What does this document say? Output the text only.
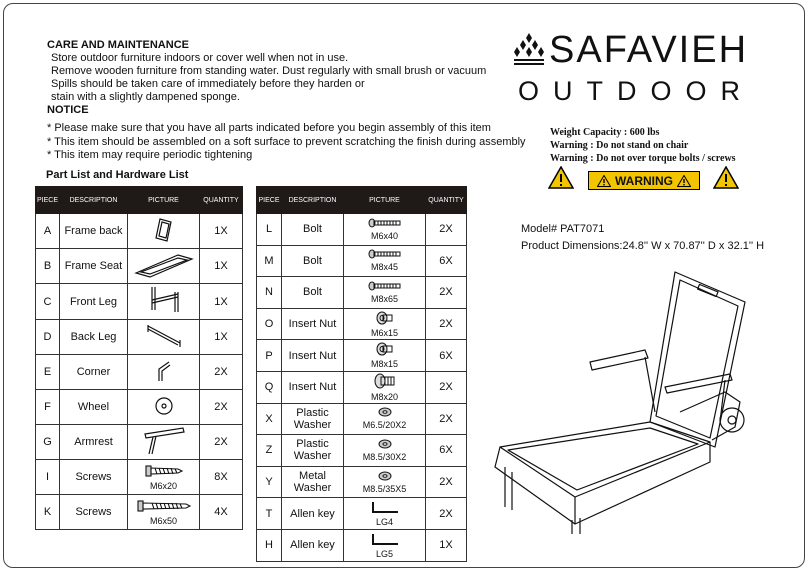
CARE AND MAINTENANCE
Store outdoor furniture indoors or cover well when not in use.
Remove wooden furniture from standing water. Dust regularly with small brush or vacuum
Spills should be taken care of immediately before they harden or
stain with a slightly dampened sponge.
NOTICE
* Please make sure that you have all parts indicated before you begin assembly of this item
* This item should be assembled on a soft surface to prevent scratching the finish during assembly
* This item may require periodic tightening
Part List and Hardware List
SAFAVIEH
OUTDOOR
Weight Capacity : 600 lbs
Warning : Do not stand on chair
Warning : Do not over torque bolts / screws
WARNING
Model# PAT7071
Product Dimensions:24.8'' W x 70.87'' D x 32.1'' H
PIECE	DESCRIPTION	PICTURE	QUANTITY
A	Frame back		1X
B	Frame Seat		1X
C	Front Leg		1X
D	Back Leg		1X
E	Corner		2X
F	Wheel		2X
G	Armrest		2X
I	Screws	M6x20	8X
K	Screws	M6x50	4X
PIECE	DESCRIPTION	PICTURE	QUANTITY
L	Bolt	M6x40	2X
M	Bolt	M8x45	6X
N	Bolt	M8x65	2X
O	Insert Nut	M6x15	2X
P	Insert Nut	M8x15	6X
Q	Insert Nut	M8x20	2X
X	Plastic Washer	M6.5/20X2	2X
Z	Plastic Washer	M8.5/30X2	6X
Y	Metal Washer	M8.5/35X5	2X
T	Allen key	LG4	2X
H	Allen key	LG5	1X
